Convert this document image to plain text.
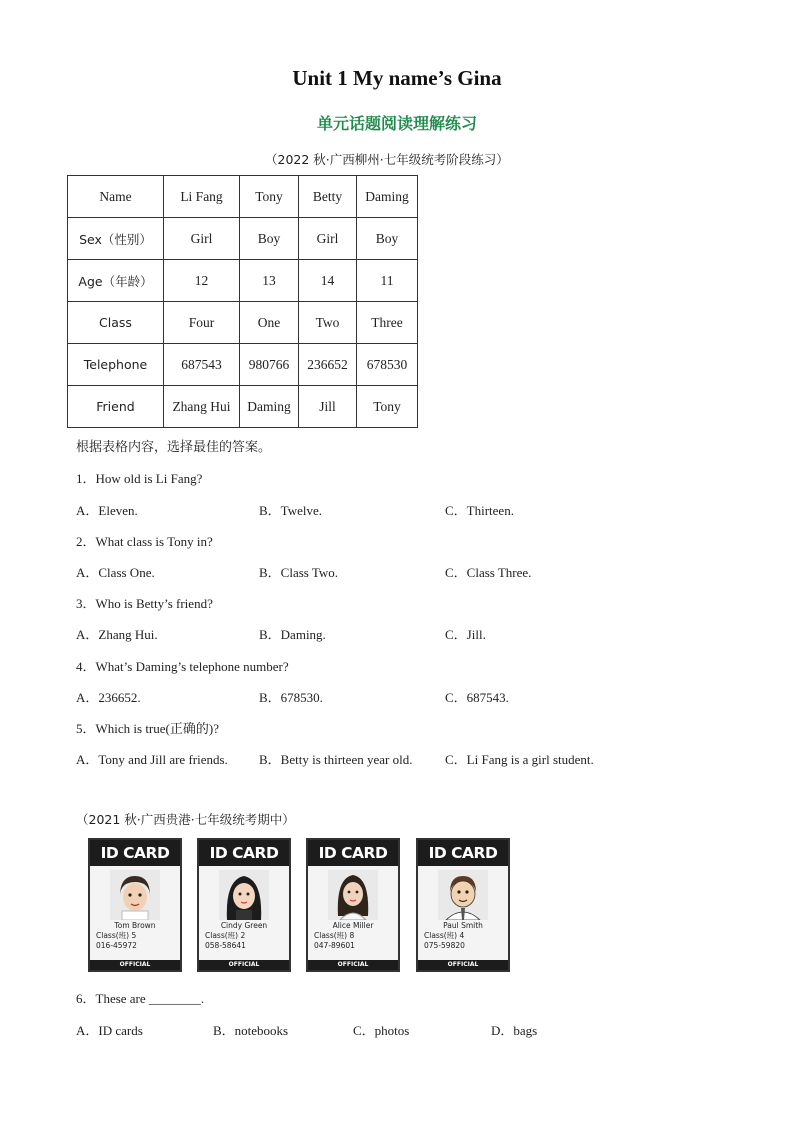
Unit 1 My name’s Gina
单元话题阅读理解练习
（2022 秋·广西柳州·七年级统考阶段练习）
Name	Li Fang	Tony	Betty	Daming
Sex（性别）	Girl	Boy	Girl	Boy
Age（年龄）	12	13	14	11
Class	Four	One	Two	Three
Telephone	687543	980766	236652	678530
Friend	Zhang Hui	Daming	Jill	Tony
根据表格内容，选择最佳的答案。
1．How old is Li Fang?
A．Eleven.	B．Twelve.	C．Thirteen.
2．What class is Tony in?
A．Class One.	B．Class Two.	C．Class Three.
3．Who is Betty’s friend?
A．Zhang Hui.	B．Daming.	C．Jill.
4．What’s Daming’s telephone number?
A．236652.	B．678530.	C．687543.
5．Which is true(正确的)?
A．Tony and Jill are friends. B．Betty is thirteen year old.	C．Li Fang is a girl student.
（2021 秋·广西贵港·七年级统考期中）
ID CARD
Tom Brown
Class(班) 5
016-45972
OFFICIAL
ID CARD
Cindy Green
Class(班) 2
058-58641
OFFICIAL
ID CARD
Alice Miller
Class(班) 8
047-89601
OFFICIAL
ID CARD
Paul Smith
Class(班) 4
075-59820
OFFICIAL
6．These are ________.
A．ID cards	B．notebooks	C．photos	D．bags
